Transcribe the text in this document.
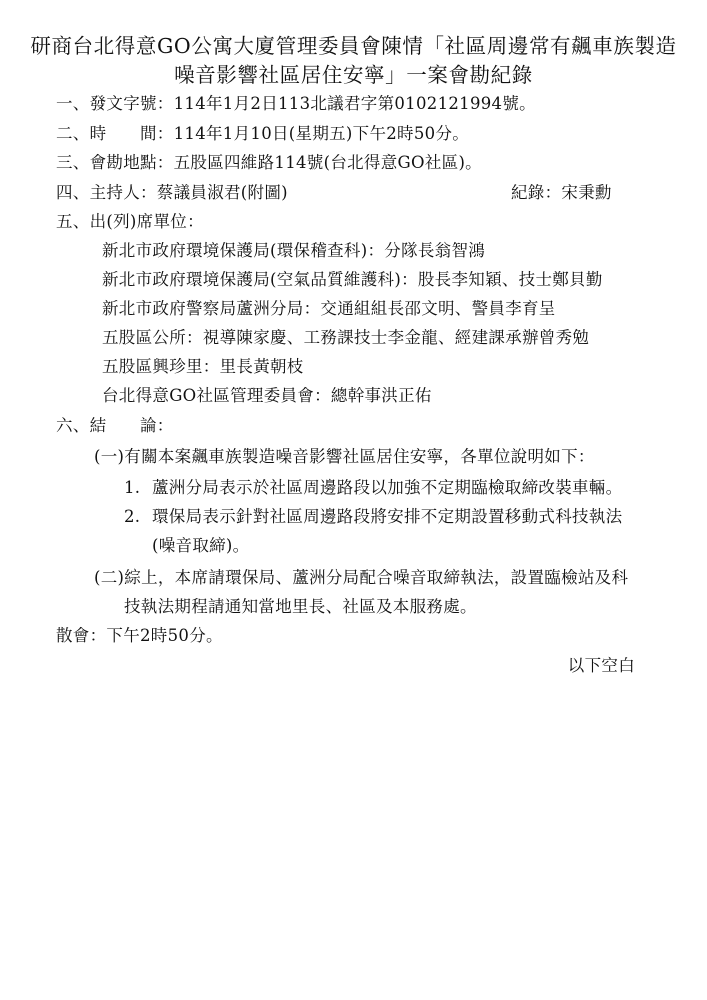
研商台北得意GO公寓大廈管理委員會陳情「社區周邊常有飆車族製造
噪音影響社區居住安寧」一案會勘紀錄
一、發文字號：114年1月2日113北議君字第0102121994號。
二、時　　間：114年1月10日(星期五)下午2時50分。
三、會勘地點：五股區四維路114號(台北得意GO社區)。
四、主持人：蔡議員淑君(附圖)	紀錄：宋秉勳
五、出(列)席單位：
新北市政府環境保護局(環保稽查科)：分隊長翁智鴻
新北市政府環境保護局(空氣品質維護科)：股長李知穎、技士鄭貝勤
新北市政府警察局蘆洲分局：交通組組長邵文明、警員李育呈
五股區公所：視導陳家慶、工務課技士李金龍、經建課承辦曾秀勉
五股區興珍里：里長黃朝枝
台北得意GO社區管理委員會：總幹事洪正佑
六、結　　論：
(一)有關本案飆車族製造噪音影響社區居住安寧，各單位說明如下：
1. 蘆洲分局表示於社區周邊路段以加強不定期臨檢取締改裝車輛。
2. 環保局表示針對社區周邊路段將安排不定期設置移動式科技執法
(噪音取締)。
(二)綜上，本席請環保局、蘆洲分局配合噪音取締執法，設置臨檢站及科
技執法期程請通知當地里長、社區及本服務處。
散會：下午2時50分。
以下空白
